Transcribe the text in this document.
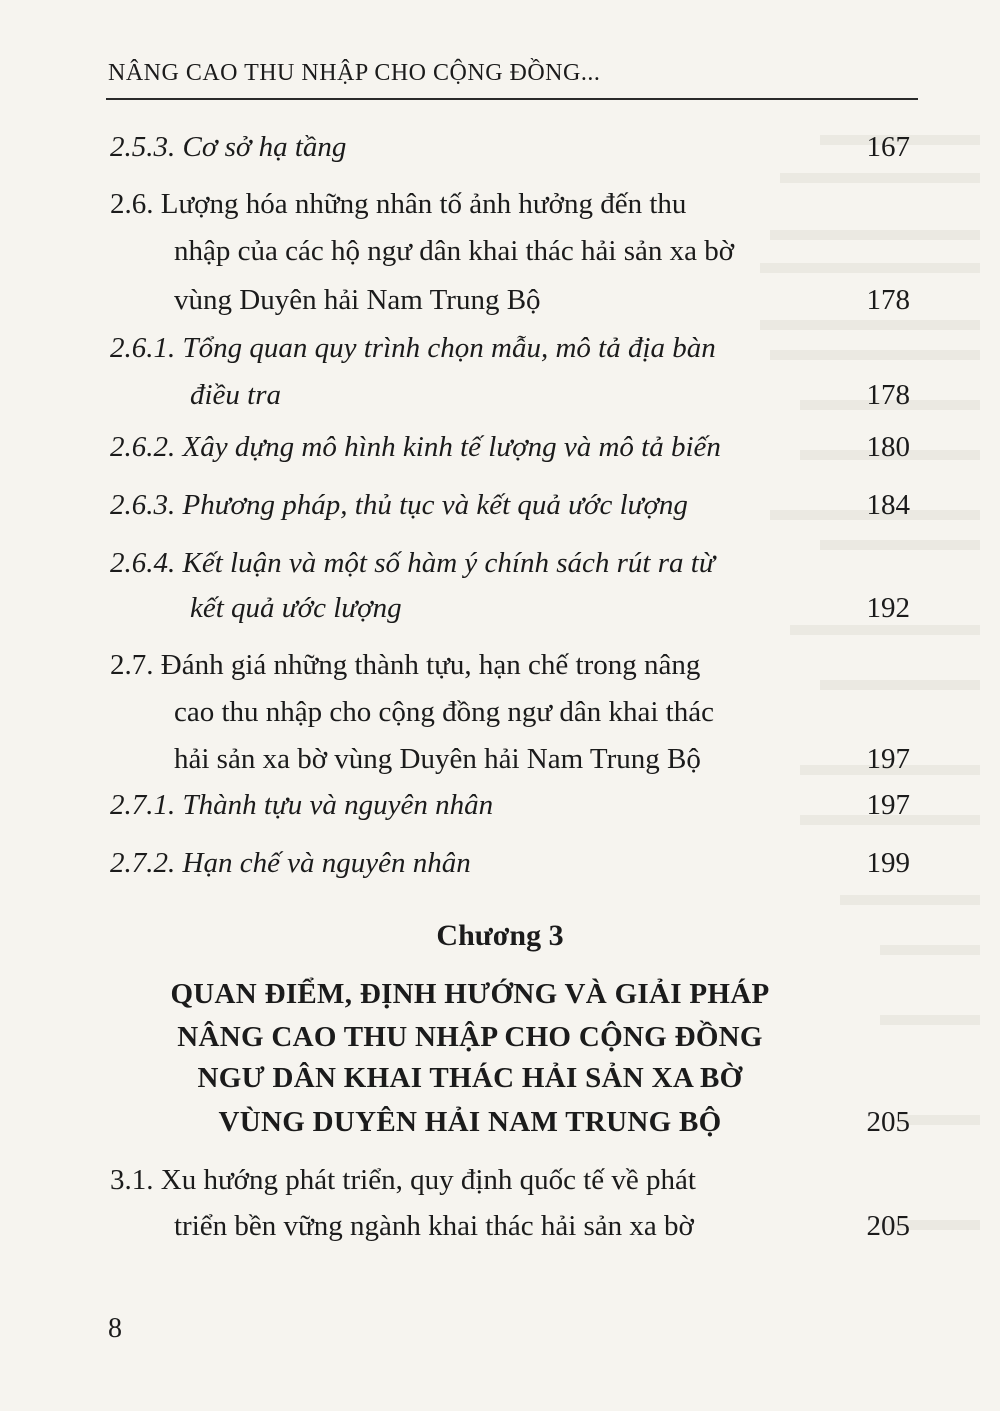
NÂNG CAO THU NHẬP CHO CỘNG ĐỒNG...
2.5.3. Cơ sở hạ tầng	167
2.6. Lượng hóa những nhân tố ảnh hưởng đến thu
nhập của các hộ ngư dân khai thác hải sản xa bờ
vùng Duyên hải Nam Trung Bộ	178
2.6.1. Tổng quan quy trình chọn mẫu, mô tả địa bàn
điều tra	178
2.6.2. Xây dựng mô hình kinh tế lượng và mô tả biến	180
2.6.3. Phương pháp, thủ tục và kết quả ước lượng	184
2.6.4. Kết luận và một số hàm ý chính sách rút ra từ
kết quả ước lượng	192
2.7. Đánh giá những thành tựu, hạn chế trong nâng
cao thu nhập cho cộng đồng ngư dân khai thác
hải sản xa bờ vùng Duyên hải Nam Trung Bộ	197
2.7.1. Thành tựu và nguyên nhân	197
2.7.2. Hạn chế và nguyên nhân	199
Chương 3
QUAN ĐIỂM, ĐỊNH HƯỚNG VÀ GIẢI PHÁP
NÂNG CAO THU NHẬP CHO CỘNG ĐỒNG
NGƯ DÂN KHAI THÁC HẢI SẢN XA BỜ
VÙNG DUYÊN HẢI NAM TRUNG BỘ	205
3.1. Xu hướng phát triển, quy định quốc tế về phát
triển bền vững ngành khai thác hải sản xa bờ	205
8
